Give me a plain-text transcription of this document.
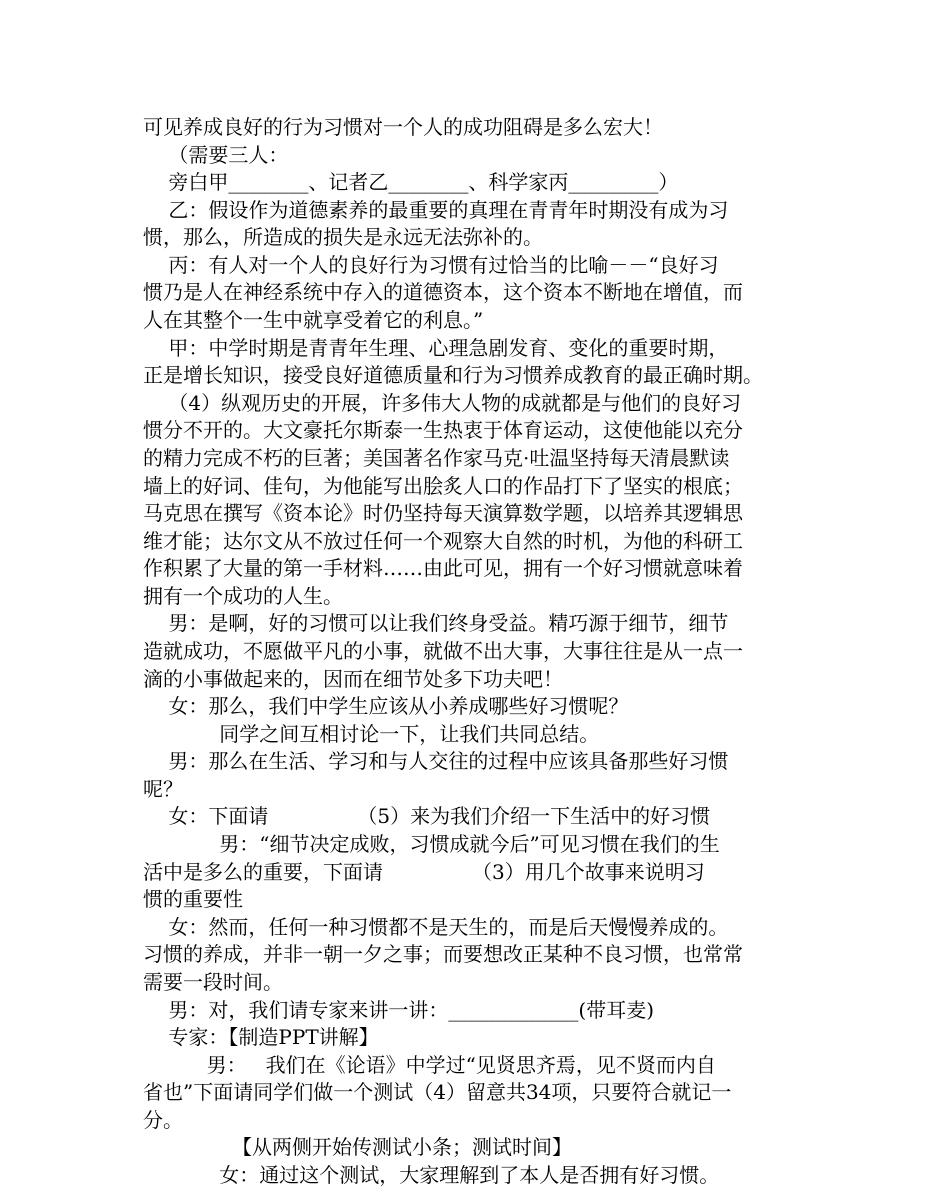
可见养成良好的行为习惯对一个人的成功阻碍是多么宏大！
（需要三人：
旁白甲________、记者乙________、科学家丙_________）
乙：假设作为道德素养的最重要的真理在青青年时期没有成为习
惯，那么，所造成的损失是永远无法弥补的。
丙：有人对一个人的良好行为习惯有过恰当的比喻－－“良好习
惯乃是人在神经系统中存入的道德资本，这个资本不断地在增值，而
人在其整个一生中就享受着它的利息。”
甲：中学时期是青青年生理、心理急剧发育、变化的重要时期，
正是增长知识，接受良好道德质量和行为习惯养成教育的最正确时期。
（4）纵观历史的开展，许多伟大人物的成就都是与他们的良好习
惯分不开的。大文豪托尔斯泰一生热衷于体育运动，这使他能以充分
的精力完成不朽的巨著；美国著名作家马克·吐温坚持每天清晨默读
墙上的好词、佳句，为他能写出脍炙人口的作品打下了坚实的根底；
马克思在撰写《资本论》时仍坚持每天演算数学题，以培养其逻辑思
维才能；达尔文从不放过任何一个观察大自然的时机，为他的科研工
作积累了大量的第一手材料……由此可见，拥有一个好习惯就意味着
拥有一个成功的人生。
男：是啊，好的习惯可以让我们终身受益。精巧源于细节，细节
造就成功，不愿做平凡的小事，就做不出大事，大事往往是从一点一
滴的小事做起来的，因而在细节处多下功夫吧！
女：那么，我们中学生应该从小养成哪些好习惯呢？
同学之间互相讨论一下，让我们共同总结。
男：那么在生活、学习和与人交往的过程中应该具备那些好习惯
呢？
女：下面请              （5）来为我们介绍一下生活中的好习惯
男：“细节决定成败，习惯成就今后”可见习惯在我们的生
活中是多么的重要，下面请              （3）用几个故事来说明习
惯的重要性
女：然而，任何一种习惯都不是天生的，而是后天慢慢养成的。
习惯的养成，并非一朝一夕之事；而要想改正某种不良习惯，也常常
需要一段时间。
男：对，我们请专家来讲一讲：_____________(带耳麦)
专家：【制造PPT讲解】
男：   我们在《论语》中学过“见贤思齐焉，见不贤而内自
省也”下面请同学们做一个测试（4）留意共34项，只要符合就记一
分。
【从两侧开始传测试小条；测试时间】
女：通过这个测试，大家理解到了本人是否拥有好习惯。
